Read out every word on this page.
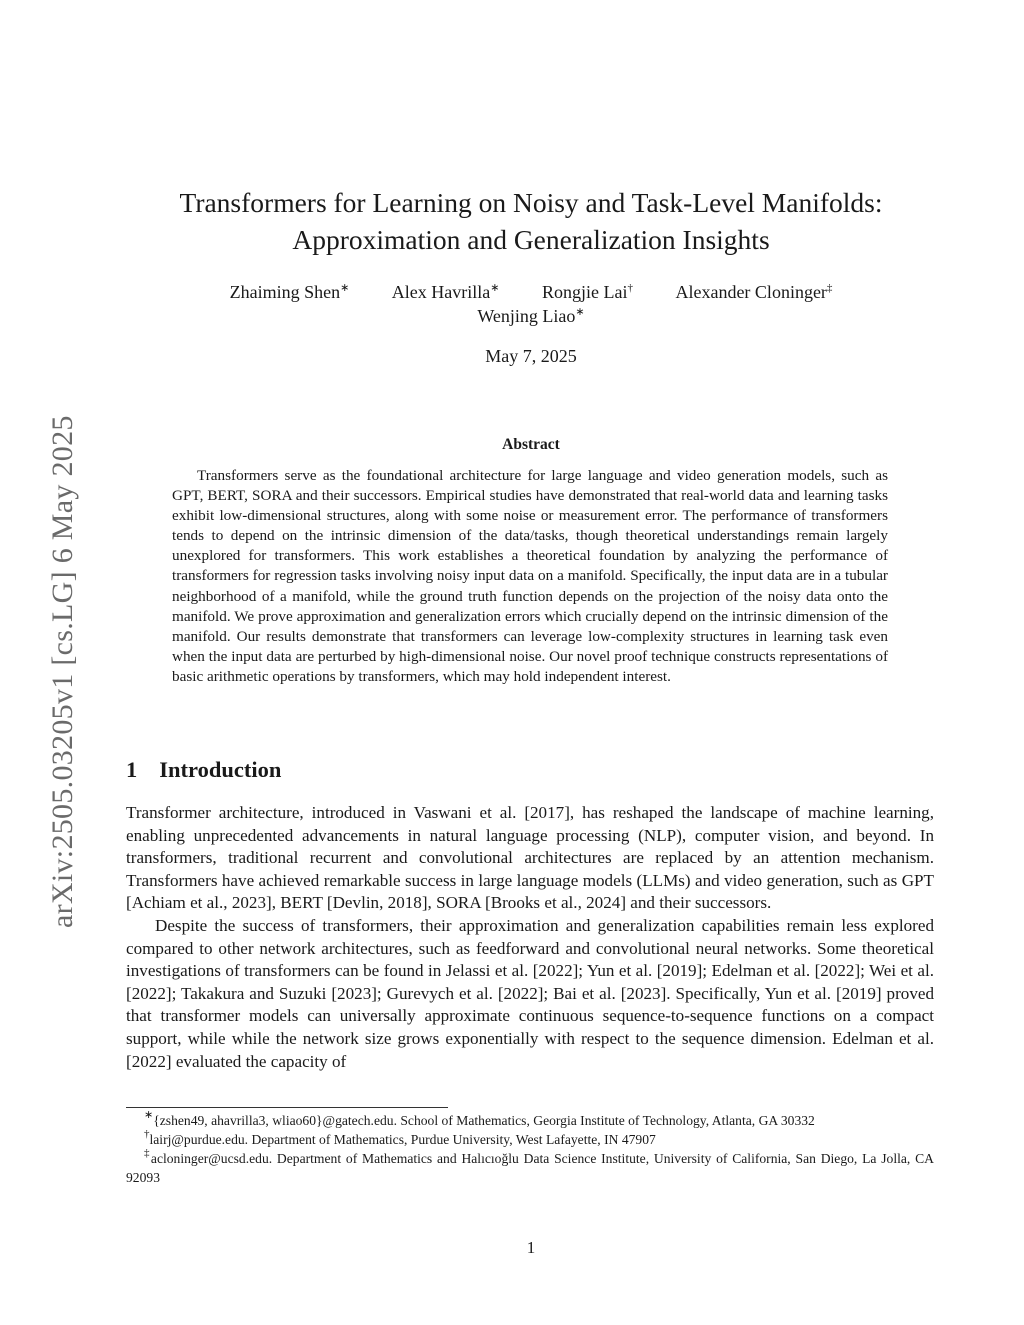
arXiv:2505.03205v1 [cs.LG] 6 May 2025
Transformers for Learning on Noisy and Task-Level Manifolds:
Approximation and Generalization Insights
Zhaiming Shen∗ Alex Havrilla∗ Rongjie Lai† Alexander Cloninger‡
Wenjing Liao∗
May 7, 2025
Abstract

Transformers serve as the foundational architecture for large language and video generation models, such as GPT, BERT, SORA and their successors. Empirical studies have demonstrated that real-world data and learning tasks exhibit low-dimensional structures, along with some noise or measurement error. The performance of transformers tends to depend on the intrinsic dimension of the data/tasks, though theoretical understandings remain largely unexplored for transformers. This work establishes a theoretical foundation by analyzing the performance of transformers for regression tasks involving noisy input data on a manifold. Specifically, the input data are in a tubular neighborhood of a manifold, while the ground truth function depends on the projection of the noisy data onto the manifold. We prove approximation and generalization errors which crucially depend on the intrinsic dimension of the manifold. Our results demonstrate that transformers can leverage low-complexity structures in learning task even when the input data are perturbed by high-dimensional noise. Our novel proof technique constructs representations of basic arithmetic operations by transformers, which may hold independent interest.

1 Introduction

Transformer architecture, introduced in Vaswani et al. [2017], has reshaped the landscape of machine learning, enabling unprecedented advancements in natural language processing (NLP), computer vision, and beyond. In transformers, traditional recurrent and convolutional architectures are replaced by an attention mechanism. Transformers have achieved remarkable success in large language models (LLMs) and video generation, such as GPT [Achiam et al., 2023], BERT [Devlin, 2018], SORA [Brooks et al., 2024] and their successors.

Despite the success of transformers, their approximation and generalization capabilities remain less explored compared to other network architectures, such as feedforward and convolutional neural networks. Some theoretical investigations of transformers can be found in Jelassi et al. [2022]; Yun et al. [2019]; Edelman et al. [2022]; Wei et al. [2022]; Takakura and Suzuki [2023]; Gurevych et al. [2022]; Bai et al. [2023]. Specifically, Yun et al. [2019] proved that transformer models can universally approximate continuous sequence-to-sequence functions on a compact support, while while the network size grows exponentially with respect to the sequence dimension. Edelman et al. [2022] evaluated the capacity of

∗{zshen49, ahavrilla3, wliao60}@gatech.edu. School of Mathematics, Georgia Institute of Technology, Atlanta, GA 30332

†lairj@purdue.edu. Department of Mathematics, Purdue University, West Lafayette, IN 47907

‡acloninger@ucsd.edu. Department of Mathematics and Halıcıoğlu Data Science Institute, University of California, San Diego, La Jolla, CA 92093

1
